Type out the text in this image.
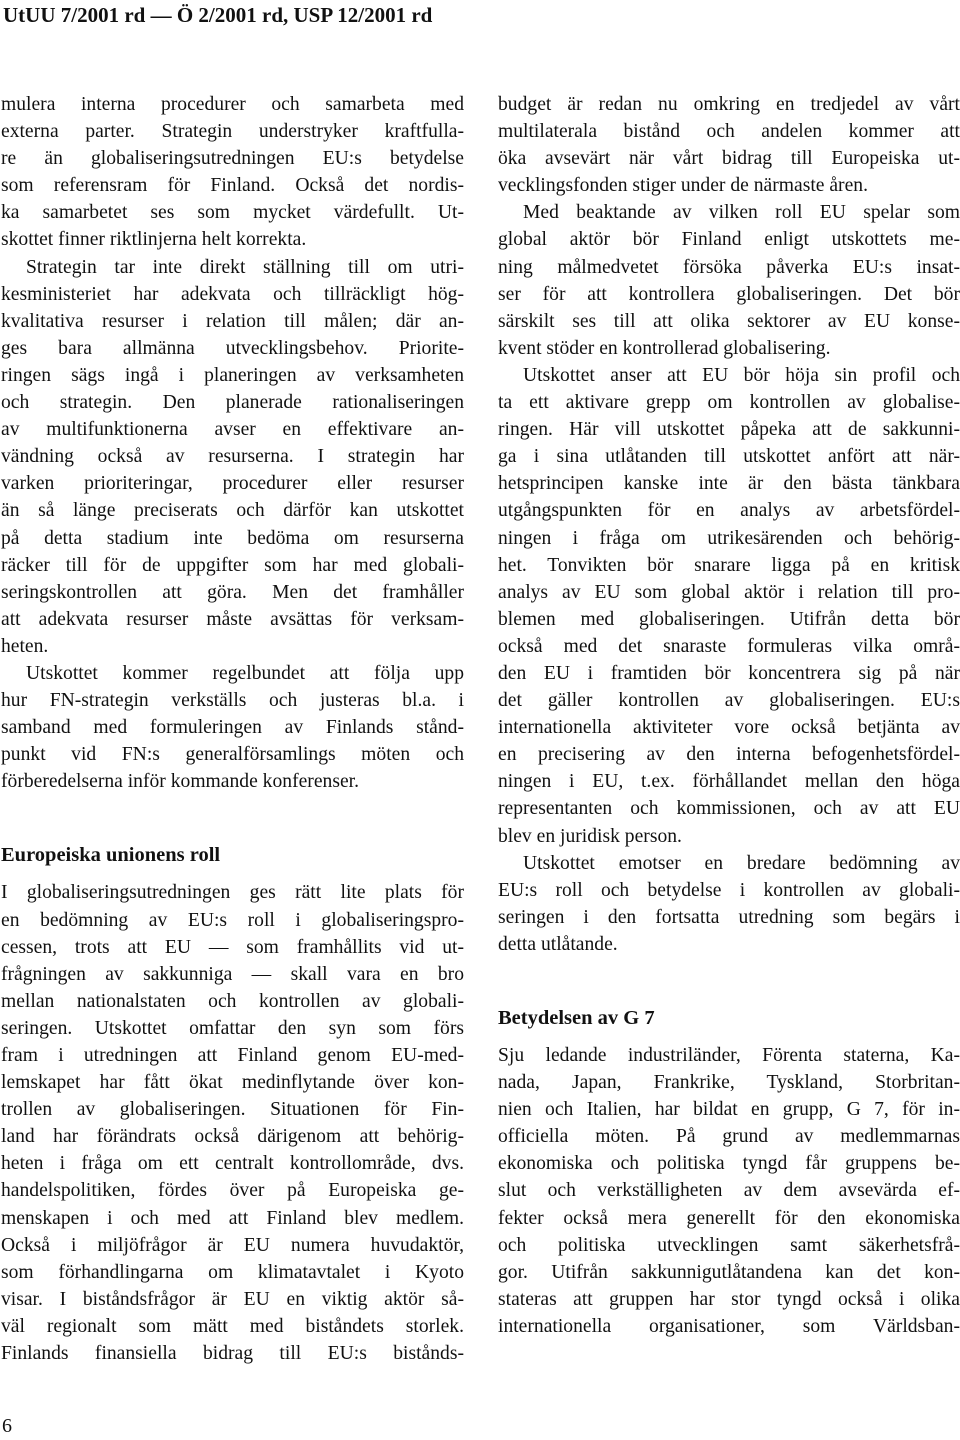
UtUU 7/2001 rd — Ö 2/2001 rd, USP 12/2001 rd
mulera interna procedurer och samarbeta med
externa parter. Strategin understryker kraftfulla-
re än globaliseringsutredningen EU:s betydelse
som referensram för Finland. Också det nordis-
ka samarbetet ses som mycket värdefullt. Ut-
skottet finner riktlinjerna helt korrekta.
Strategin tar inte direkt ställning till om utri-
kesministeriet har adekvata och tillräckligt hög-
kvalitativa resurser i relation till målen; där an-
ges bara allmänna utvecklingsbehov. Priorite-
ringen sägs ingå i planeringen av verksamheten
och strategin. Den planerade rationaliseringen
av multifunktionerna avser en effektivare an-
vändning också av resurserna. I strategin har
varken prioriteringar, procedurer eller resurser
än så länge preciserats och därför kan utskottet
på detta stadium inte bedöma om resurserna
räcker till för de uppgifter som har med globali-
seringskontrollen att göra. Men det framhåller
att adekvata resurser måste avsättas för verksam-
heten.
Utskottet kommer regelbundet att följa upp
hur FN-strategin verkställs och justeras bl.a. i
samband med formuleringen av Finlands stånd-
punkt vid FN:s generalförsamlings möten och
förberedelserna inför kommande konferenser.
Europeiska unionens roll
I globaliseringsutredningen ges rätt lite plats för
en bedömning av EU:s roll i globaliseringspro-
cessen, trots att EU — som framhållits vid ut-
frågningen av sakkunniga — skall vara en bro
mellan nationalstaten och kontrollen av globali-
seringen. Utskottet omfattar den syn som förs
fram i utredningen att Finland genom EU-med-
lemskapet har fått ökat medinflytande över kon-
trollen av globaliseringen. Situationen för Fin-
land har förändrats också därigenom att behörig-
heten i fråga om ett centralt kontrollområde, dvs.
handelspolitiken, fördes över på Europeiska ge-
menskapen i och med att Finland blev medlem.
Också i miljöfrågor är EU numera huvudaktör,
som förhandlingarna om klimatavtalet i Kyoto
visar. I biståndsfrågor är EU en viktig aktör så-
väl regionalt som mätt med biståndets storlek.
Finlands finansiella bidrag till EU:s bistånds-
budget är redan nu omkring en tredjedel av vårt
multilaterala bistånd och andelen kommer att
öka avsevärt när vårt bidrag till Europeiska ut-
vecklingsfonden stiger under de närmaste åren.
Med beaktande av vilken roll EU spelar som
global aktör bör Finland enligt utskottets me-
ning målmedvetet försöka påverka EU:s insat-
ser för att kontrollera globaliseringen. Det bör
särskilt ses till att olika sektorer av EU konse-
kvent stöder en kontrollerad globalisering.
Utskottet anser att EU bör höja sin profil och
ta ett aktivare grepp om kontrollen av globalise-
ringen. Här vill utskottet påpeka att de sakkunni-
ga i sina utlåtanden till utskottet anfört att när-
hetsprincipen kanske inte är den bästa tänkbara
utgångspunkten för en analys av arbetsfördel-
ningen i fråga om utrikesärenden och behörig-
het. Tonvikten bör snarare ligga på en kritisk
analys av EU som global aktör i relation till pro-
blemen med globaliseringen. Utifrån detta bör
också med det snaraste formuleras vilka områ-
den EU i framtiden bör koncentrera sig på när
det gäller kontrollen av globaliseringen. EU:s
internationella aktiviteter vore också betjänta av
en precisering av den interna befogenhetsfördel-
ningen i EU, t.ex. förhållandet mellan den höga
representanten och kommissionen, och av att EU
blev en juridisk person.
Utskottet emotser en bredare bedömning av
EU:s roll och betydelse i kontrollen av globali-
seringen i den fortsatta utredning som begärs i
detta utlåtande.
Betydelsen av G 7
Sju ledande industriländer, Förenta staterna, Ka-
nada, Japan, Frankrike, Tyskland, Storbritan-
nien och Italien, har bildat en grupp, G 7, för in-
officiella möten. På grund av medlemmarnas
ekonomiska och politiska tyngd får gruppens be-
slut och verkställigheten av dem avsevärda ef-
fekter också mera generellt för den ekonomiska
och politiska utvecklingen samt säkerhetsfrå-
gor. Utifrån sakkunnigutlåtandena kan det kon-
stateras att gruppen har stor tyngd också i olika
internationella organisationer, som Världsban-
6
